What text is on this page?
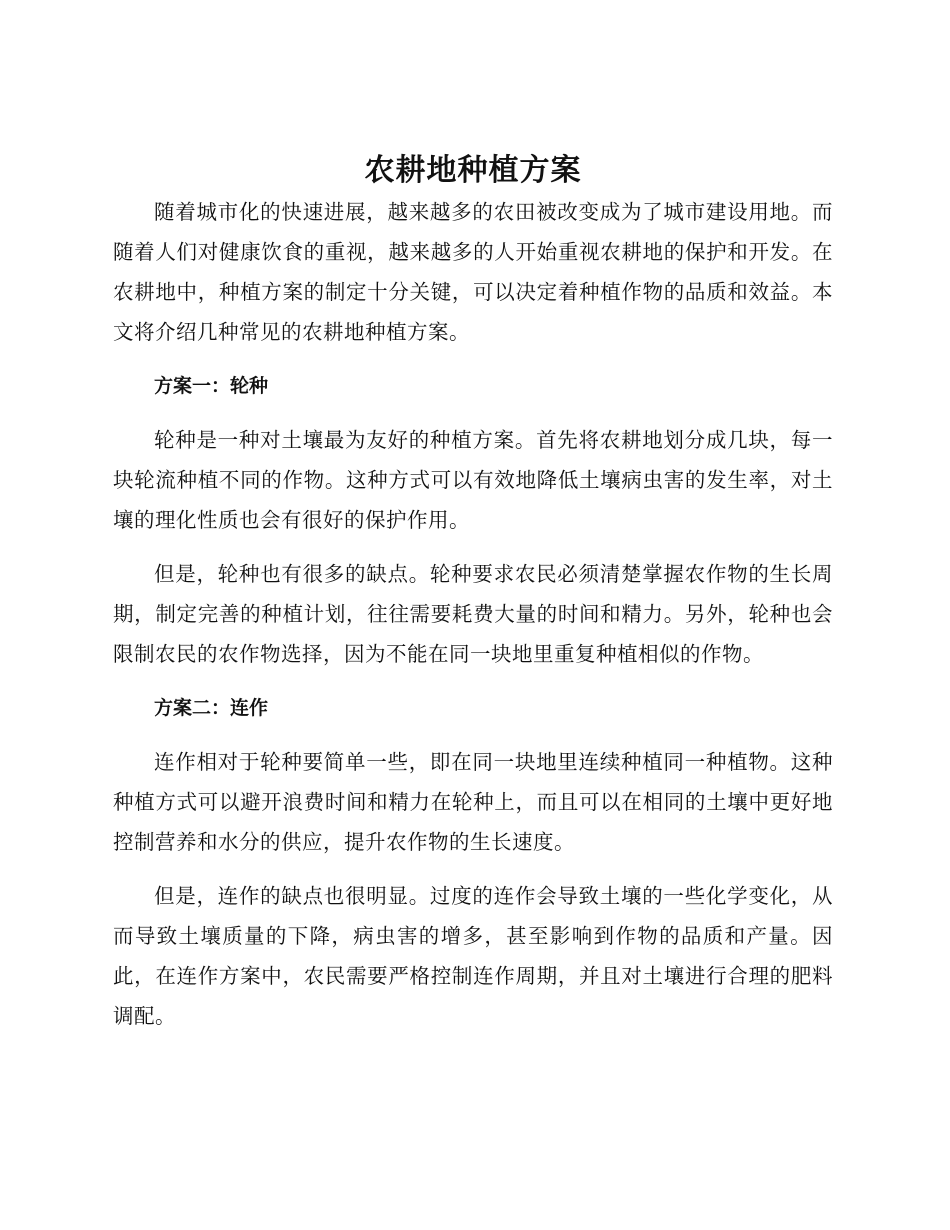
农耕地种植方案

随着城市化的快速进展，越来越多的农田被改变成为了城市建设用地。而随着人们对健康饮食的重视，越来越多的人开始重视农耕地的保护和开发。在农耕地中，种植方案的制定十分关键，可以决定着种植作物的品质和效益。本文将介绍几种常见的农耕地种植方案。

方案一：轮种

轮种是一种对土壤最为友好的种植方案。首先将农耕地划分成几块，每一块轮流种植不同的作物。这种方式可以有效地降低土壤病虫害的发生率，对土壤的理化性质也会有很好的保护作用。

但是，轮种也有很多的缺点。轮种要求农民必须清楚掌握农作物的生长周期，制定完善的种植计划，往往需要耗费大量的时间和精力。另外，轮种也会限制农民的农作物选择，因为不能在同一块地里重复种植相似的作物。

方案二：连作

连作相对于轮种要简单一些，即在同一块地里连续种植同一种植物。这种种植方式可以避开浪费时间和精力在轮种上，而且可以在相同的土壤中更好地控制营养和水分的供应，提升农作物的生长速度。

但是，连作的缺点也很明显。过度的连作会导致土壤的一些化学变化，从而导致土壤质量的下降，病虫害的增多，甚至影响到作物的品质和产量。因此，在连作方案中，农民需要严格控制连作周期，并且对土壤进行合理的肥料调配。
